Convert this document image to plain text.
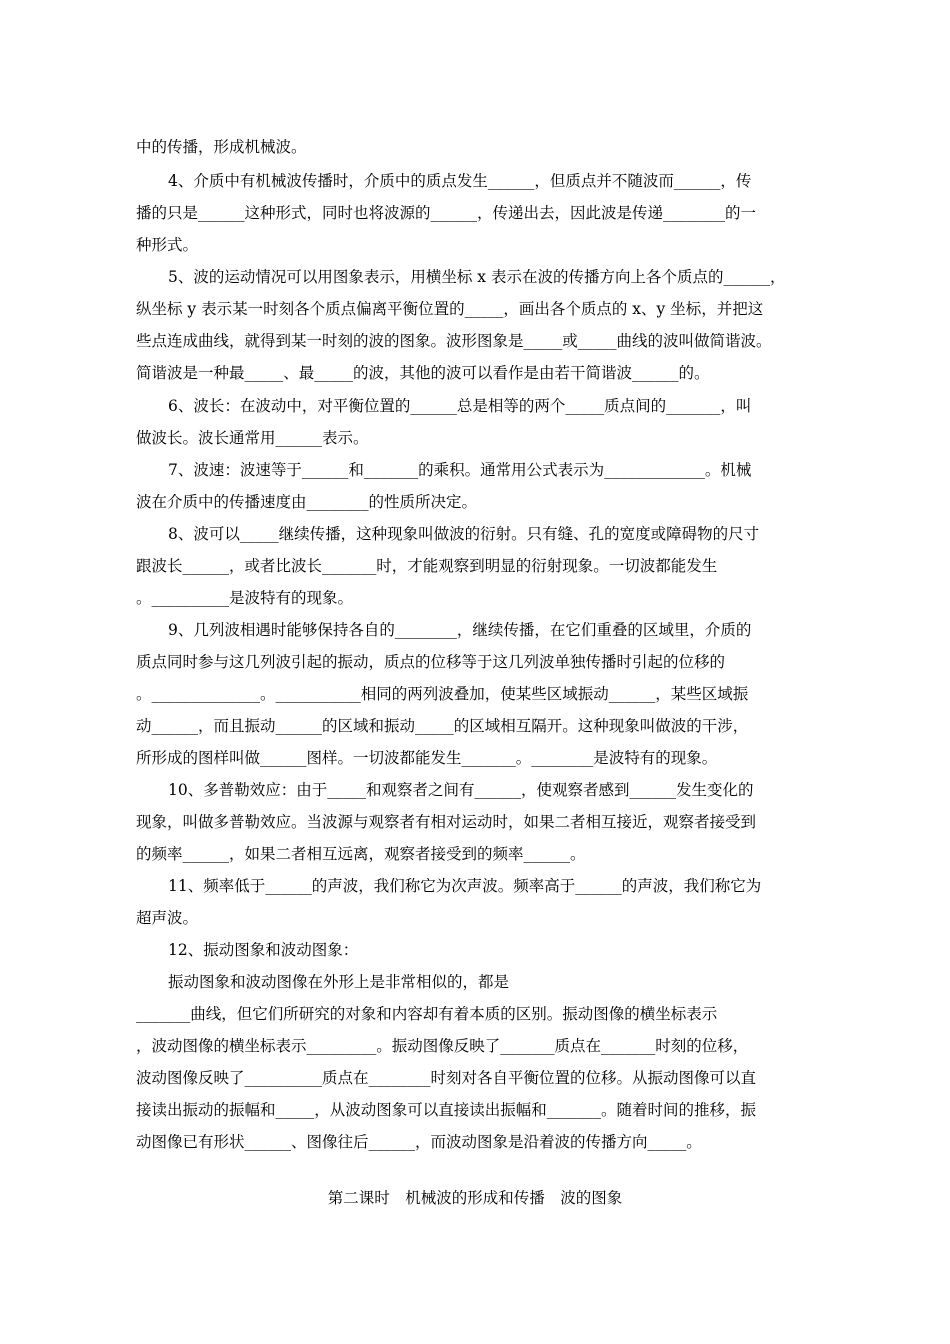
中的传播，形成机械波。
4、介质中有机械波传播时，介质中的质点发生______，但质点并不随波而______，传
播的只是______这种形式，同时也将波源的______，传递出去，因此波是传递________的一
种形式。
5、波的运动情况可以用图象表示，用横坐标 x 表示在波的传播方向上各个质点的______，
纵坐标 y 表示某一时刻各个质点偏离平衡位置的_____，画出各个质点的 x、y 坐标，并把这
些点连成曲线，就得到某一时刻的波的图象。波形图象是_____或_____曲线的波叫做简谐波。
简谐波是一种最_____、最_____的波，其他的波可以看作是由若干简谐波______的。
6、波长：在波动中，对平衡位置的______总是相等的两个_____质点间的_______，叫
做波长。波长通常用______表示。
7、波速：波速等于______和_______的乘积。通常用公式表示为_____________。机械
波在介质中的传播速度由________的性质所决定。
8、波可以_____继续传播，这种现象叫做波的衍射。只有缝、孔的宽度或障碍物的尺寸
跟波长______，或者比波长_______时，才能观察到明显的衍射现象。一切波都能发生
。__________是波特有的现象。
9、几列波相遇时能够保持各自的________，继续传播，在它们重叠的区域里，介质的
质点同时参与这几列波引起的振动，质点的位移等于这几列波单独传播时引起的位移的
。______________。___________相同的两列波叠加，使某些区域振动______，某些区域振
动______，而且振动______的区域和振动_____的区域相互隔开。这种现象叫做波的干涉，
所形成的图样叫做______图样。一切波都能发生_______。________是波特有的现象。
10、多普勒效应：由于_____和观察者之间有______，使观察者感到______发生变化的
现象，叫做多普勒效应。当波源与观察者有相对运动时，如果二者相互接近，观察者接受到
的频率______，如果二者相互远离，观察者接受到的频率______。
11、频率低于______的声波，我们称它为次声波。频率高于______的声波，我们称它为
超声波。
12、振动图象和波动图象：
振动图象和波动图像在外形上是非常相似的，都是
_______曲线，但它们所研究的对象和内容却有着本质的区别。振动图像的横坐标表示
，波动图像的横坐标表示_________。振动图像反映了_______质点在_______时刻的位移，
波动图像反映了__________质点在________时刻对各自平衡位置的位移。从振动图像可以直
接读出振动的振幅和_____，从波动图象可以直接读出振幅和_______。随着时间的推移，振
动图像已有形状______、图像往后______，而波动图象是沿着波的传播方向_____。
第二课时　机械波的形成和传播　波的图象
